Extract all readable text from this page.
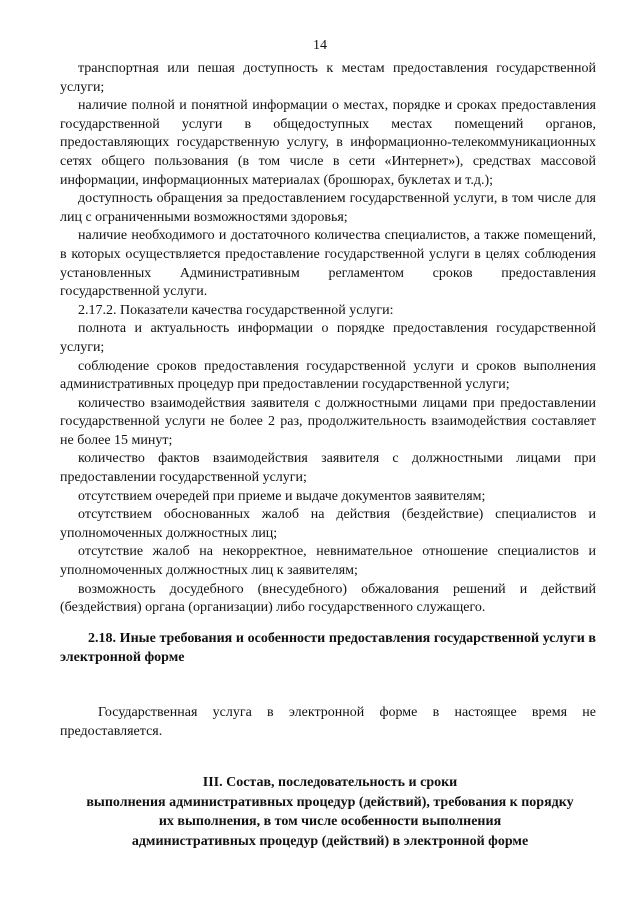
14

транспортная или пешая доступность к местам предоставления государственной услуги;

наличие полной и понятной информации о местах, порядке и сроках предоставления государственной услуги в общедоступных местах помещений органов, предоставляющих государственную услугу, в информационно-телекоммуникационных сетях общего пользования (в том числе в сети «Интернет»), средствах массовой информации, информационных материалах (брошюрах, буклетах и т.д.);

доступность обращения за предоставлением государственной услуги, в том числе для лиц с ограниченными возможностями здоровья;

наличие необходимого и достаточного количества специалистов, а также помещений, в которых осуществляется предоставление государственной услуги в целях соблюдения установленных Административным регламентом сроков предоставления государственной услуги.

2.17.2. Показатели качества государственной услуги:

полнота и актуальность информации о порядке предоставления государственной услуги;

соблюдение сроков предоставления государственной услуги и сроков выполнения административных процедур при предоставлении государственной услуги;

количество взаимодействия заявителя с должностными лицами при предоставлении государственной услуги не более 2 раз, продолжительность взаимодействия составляет не более 15 минут;

количество фактов взаимодействия заявителя с должностными лицами при предоставлении государственной услуги;

отсутствием очередей при приеме и выдаче документов заявителям;

отсутствием обоснованных жалоб на действия (бездействие) специалистов и уполномоченных должностных лиц;

отсутствие жалоб на некорректное, невнимательное отношение специалистов и уполномоченных должностных лиц к заявителям;

возможность досудебного (внесудебного) обжалования решений и действий (бездействия) органа (организации) либо государственного служащего.

2.18. Иные требования и особенности предоставления государственной услуги в электронной форме
Государственная услуга в электронной форме в настоящее время не предоставляется.
III. Состав, последовательность и сроки
выполнения административных процедур (действий), требования к порядку
их выполнения, в том числе особенности выполнения
административных процедур (действий) в электронной форме
